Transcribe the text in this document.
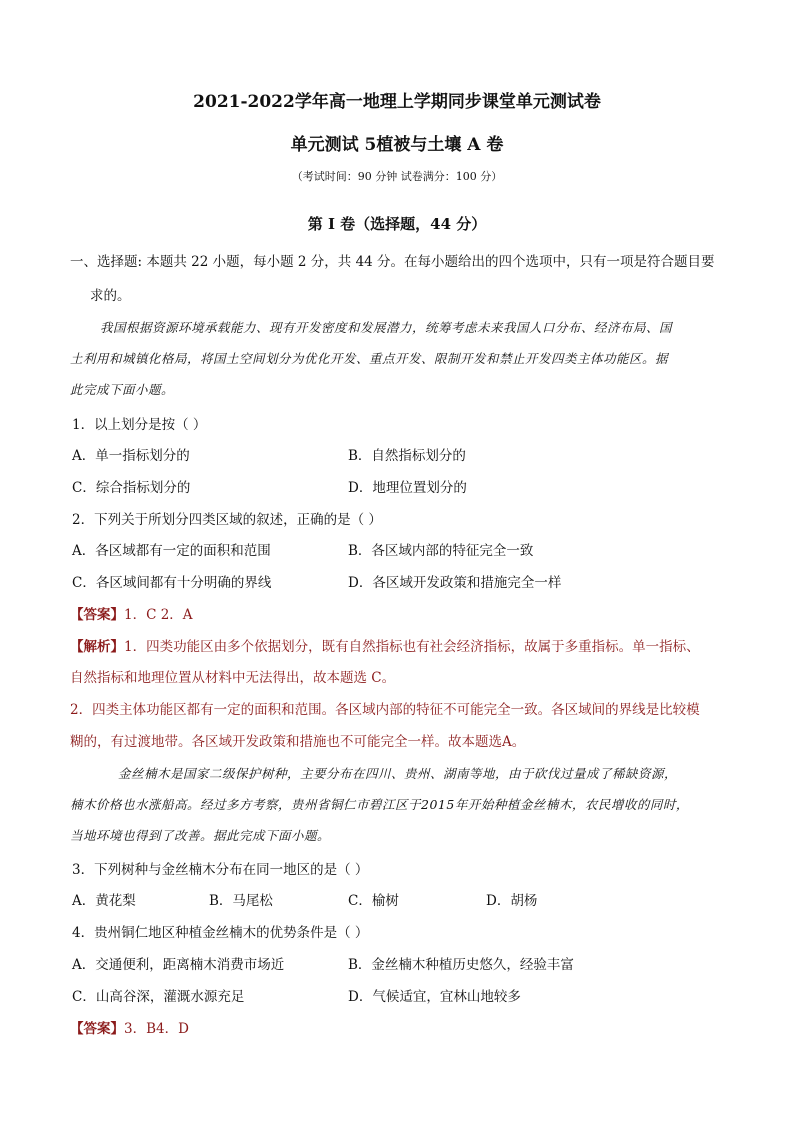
2021-2022学年高一地理上学期同步课堂单元测试卷
单元测试 5植被与土壤 A 卷
（考试时间：90 分钟 试卷满分：100 分）
第 I 卷（选择题，44 分）
一、选择题: 本题共 22 小题，每小题 2 分，共 44 分。在每小题给出的四个选项中，只有一项是符合题目要
求的。
我国根据资源环境承载能力、现有开发密度和发展潜力，统筹考虑未来我国人口分布、经济布局、国
土利用和城镇化格局，将国土空间划分为优化开发、重点开发、限制开发和禁止开发四类主体功能区。据
此完成下面小题。
1．以上划分是按（ ）
A．单一指标划分的	B．自然指标划分的
C．综合指标划分的	D．地理位置划分的
2．下列关于所划分四类区域的叙述，正确的是（ ）
A．各区域都有一定的面积和范围	B．各区域内部的特征完全一致
C．各区域间都有十分明确的界线	D．各区域开发政策和措施完全一样
【答案】1．C 2．A
【解析】1．四类功能区由多个依据划分，既有自然指标也有社会经济指标，故属于多重指标。单一指标、
自然指标和地理位置从材料中无法得出，故本题选 C。
2．四类主体功能区都有一定的面积和范围。各区域内部的特征不可能完全一致。各区域间的界线是比较模
糊的，有过渡地带。各区域开发政策和措施也不可能完全一样。故本题选A。
金丝楠木是国家二级保护树种，主要分布在四川、贵州、湖南等地，由于砍伐过量成了稀缺资源，
楠木价格也水涨船高。经过多方考察，贵州省铜仁市碧江区于2015年开始种植金丝楠木，农民增收的同时，
当地环境也得到了改善。据此完成下面小题。
3．下列树种与金丝楠木分布在同一地区的是（ ）
A．黄花梨	B．马尾松	C．榆树	D．胡杨
4．贵州铜仁地区种植金丝楠木的优势条件是（ ）
A．交通便利，距离楠木消费市场近	B．金丝楠木种植历史悠久，经验丰富
C．山高谷深，灌溉水源充足	D．气候适宜，宜林山地较多
【答案】3．B4．D
